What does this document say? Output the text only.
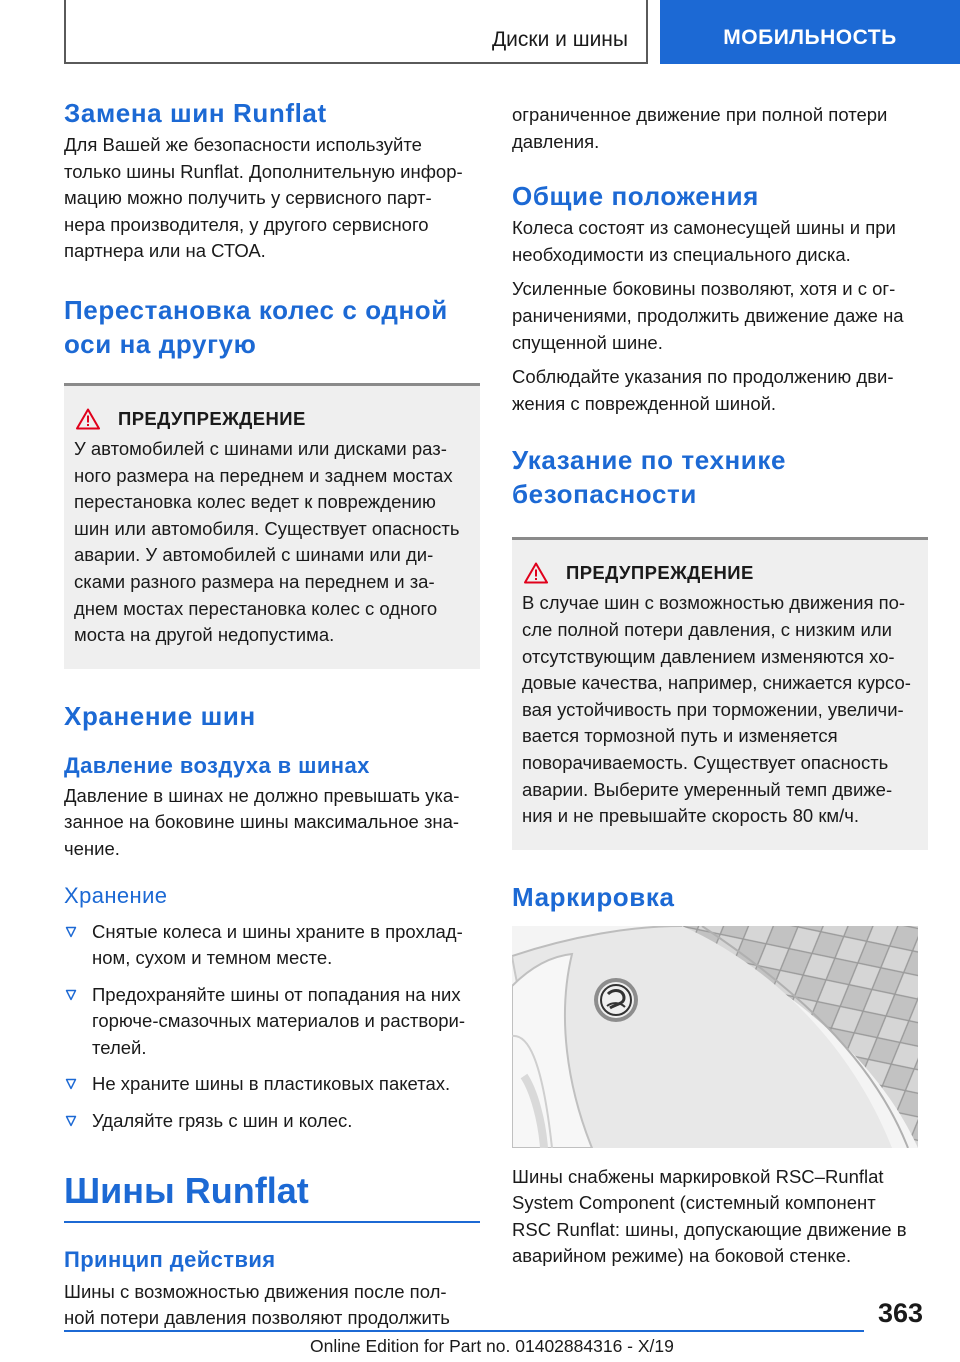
Диски и шины	МОБИЛЬНОСТЬ
Замена шин Runflat

Для Вашей же безопасности используйте
только шины Runflat. Дополнительную инфор‐
мацию можно получить у сервисного парт‐
нера производителя, у другого сервисного
партнера или на СТОА.

Перестановка колес с одной
оси на другую
ПРЕДУПРЕЖДЕНИЕ

У автомобилей с шинами или дисками раз‐
ного размера на переднем и заднем мостах
перестановка колес ведет к повреждению
шин или автомобиля. Существует опасность
аварии. У автомобилей с шинами или ди‐
сками разного размера на переднем и за‐
днем мостах перестановка колес с одного
моста на другой недопустима.

Хранение шин
Давление воздуха в шинах

Давление в шинах не должно превышать ука‐
занное на боковине шины максимальное зна‐
чение.

Хранение
Снятые колеса и шины храните в прохлад‐
ном, сухом и темном месте.
Предохраняйте шины от попадания на них
горюче-смазочных материалов и раствори‐
телей.
Не храните шины в пластиковых пакетах.
Удаляйте грязь с шин и колес.
Шины Runflat
Принцип действия

Шины с возможностью движения после пол‐
ной потери давления позволяют продолжить

ограниченное движение при полной потери
давления.

Общие положения

Колеса состоят из самонесущей шины и при
необходимости из специального диска.

Усиленные боковины позволяют, хотя и с ог‐
раничениями, продолжить движение даже на
спущенной шине.

Соблюдайте указания по продолжению дви‐
жения с поврежденной шиной.

Указание по технике
безопасности
ПРЕДУПРЕЖДЕНИЕ

В случае шин с возможностью движения по‐
сле полной потери давления, с низким или
отсутствующим давлением изменяются хо‐
довые качества, например, снижается курсо‐
вая устойчивость при торможении, увеличи‐
вается тормозной путь и изменяется
поворачиваемость. Существует опасность
аварии. Выберите умеренный темп движе‐
ния и не превышайте скорость 80 км/ч.

Маркировка

Шины снабжены маркировкой RSC–Runflat
System Component (системный компонент
RSC Runflat: шины, допускающие движение в
аварийном режиме) на боковой стенке.

363
Online Edition for Part no. 01402884316 - X/19
